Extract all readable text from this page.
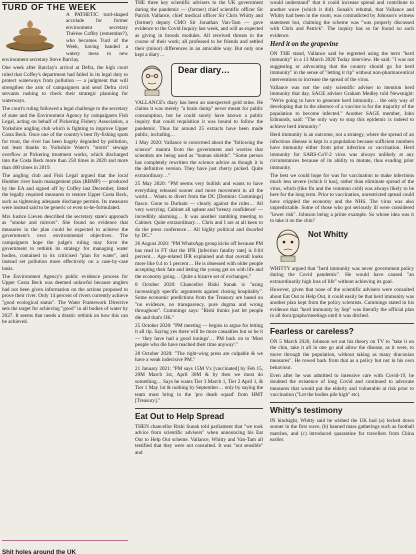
TURD OF THE WEEK

A PATHETIC turd-shaped accolade for former environment secretary Thérèse Coffey (remember?), who becomes Turd of the Week, having handed a watery mess to new environment secretary Steve Barclay.

One week after Barclay's arrival at Defra, the high court ruled that Coffey's department had failed in its legal duty to protect waterways from pollution — a judgment that will strengthen the arm of campaigners and send Defra civil servants rushing to check their strategic planning for waterways.

The court's ruling followed a legal challenge to the secretary of state and the Environment Agency by campaigners Fish Legal, acting on behalf of Pickering Fishery Association, a Yorkshire angling club which is fighting to improve Upper Costa Beck. Once one of the country's best fly-fishing spots for trout, the river has been hugely degraded by pollution, not least thanks to Yorkshire Water's "storm" sewage overflow at Pickering treatment works, which discharged into the Costa Beck more than 250 times in 2020 and more than 400 times in 2019.

The angling club and Fish Legal argued that the local Humber river basin management plan (RBMP) — produced by the EA and signed off by Coffey last December, listed the legally required measures to restore Upper Costa Beck, such as tightening adequate discharge permits. Its measures were instead said to be generic or even to-be-formulated.

Mrs Justice Lieven described the secretary state's approach as "smoke and mirrors". She found no evidence that measures in the plan could be expected to achieve the government's own environmental objectives. The campaigners hope the judge's ruling may force the government to rethink its strategy for managing water bodies, contained in its criticised "plan for water", and instead set pollution more effectively on a case-by-case basis.

The Environment Agency's public evidence process for Upper Costa Beck was deemed unlawful because anglers had not been given information on the actions proposed to prove their river. Only 14 percent of rivers currently achieve "good ecological status". The Water Framework Directive sets the target for achieving "good" in all bodies of water by 2027. It seems that needs a drastic rethink on how this can be achieved.

Shit holes around the UK

THE three key scientific advisers to the UK government during the pandemic — (former) chief scientific officer Sir Patrick Vallance, chief medical officer Sir Chris Whitty and (former) deputy CMO Sir Jonathan Van-Tam — gave evidence to the Covid Inquiry last week, and will as expected as giving in broods modules. All received threats in the course of their work; all professed to be friends and settled their (minor) differences in an amicable way. But only one kept a diary…

Dear diary…

VALLANCE's diary has been an unexpected gold mine. He claims it was merely "a brain dump" never meant for public consumption, but he could surely have known a public inquiry that could requisition it was bound to follow the pandemic. Thus far around 25 extracts have been made public, including…

1 May 2020: Vallance is concerned about the "following the science" mantra from the government and worries that scientists are being used as "human shields". "Some person has completely rewritten the science advice as though it is the definitive version. They have just cherry picked. Quite extraordinary…"

25 May 2020: "PM seems very bullish and wants to have everything released sooner and more movement in all the world… Wants to divert from the DC [Dominic Cummings] fiasco. Gone to Durham — clearly against the rules… All very worrying. Cabinet all upbeat and 'breezy confidence' — incredibly alarming… It was another rambling meeting to Cabinet. Quite extraordinary… Chris and I are at all keen to do the press conference… All highly political and dwarfed by DC."

26 August 2020: "PM WhatsApp group kicks off because PM has read in FT that the IFR [infection fatality rate] is 0.04 percent… Age-related IFR explained and that overall looks more like 0.4 to 1 percent… He is obsessed with older people accepting their fate and letting the young get on with life and the economy going… Quite a bizarre set of exchanges."

8 October 2020: Chancellor Rishi Sunak is "using increasingly specific arguments against closing hospitality". Some economic predictions from the Treasury are based on "no evidence, no transparency, pure dogma and wrong throughout". Cummings says: "Rishi thinks just let people die and that's OK."

25 October 2020: "PM meeting — begins to argue for letting it all rip. Saying yes there will be more casualties but so be it — 'they have had a good innings'… PM back on to 'Most people who die have reached their time anyway'."

28 October 2020: "The right-wing press are culpable & we have a weak indecisive PM."

21 January 2021: "PM says 15M Vx [vaccinated] by Feb 15, 20M March 1st, April 30M & by then we must do something… Says he wants Tier 3 March 1, Tier 2 April 1, & Tier 1 May 1st & nothing by September… only by saying the team must bring in the 'pro death squad' from HMT [Treasury]."

Eat Out to Help Spread

THEN chancellor Rishi Sunak told parliament that "we took advice from scientific advisers" when announcing his Eat Out to Help Out scheme. Vallance, Whitty and Van-Tam all testified that they were not consulted. It was "not sensible" and

would understand" that it could increase spread and contribute to another wave (which it did). Sunak's rebuttal, that Vallance and Whitty had been in the room, was contradicted by Johnson's witness statement but, claiming the scheme was "was properly discussed with Chris and Patrick". The inquiry has so far found no such evidence.

Herd it on the grapevine

ON THE stand, Vallance said he regretted using the term "herd immunity" in a 13 March 2020 Today interview. He said: "I was not suggesting or advocating that the country should go for herd immunity" in the sense of "letting it rip" without non-pharmaceutical interventions to increase the spread of the virus.

Vallance was not the only scientific adviser to mention herd immunity that day. SAGE adviser Graham Medley told Newsnight: "We're going to have to generate herd immunity… the only way of developing that in the absence of a vaccine is for the majority of the population to become infected." Another SAGE member, John Edmunds, said: "The only way to stop this epidemic is indeed to achieve herd immunity."

Herd immunity is an outcome, not a strategy, where the spread of an infectious disease is kept in a population because sufficient numbers have immunity either from prior infection or vaccination. Herd immunity for SARS-CoV-2 virus was always unlikely at any circumstances because of its ability to mutate, thus evading prior immunity.

The best we could hope for was for vaccination to make infections much less severe (which it has), rather than eliminate spread of the virus, which (like flu and the common cold) was always likely to be here for the long term. Prior to vaccination, unrestricted spread could have crippled the economy and the NHS. The virus was also unpredictable. Some of those who got seriously ill were considered "lower risk". Johnson being a prime example. So whose idea was it to take it on the chin?

Not Whitty

WHITTY argued that "herd immunity was never government policy during the Covid pandemic". He would have caused "an extraordinarily high loss of life" without achieving its goal.

However, given that none of the scientific advisers were consulted about Eat Out to Help Out, it could easily be that herd immunity was another plan kept from the policy scientists. Cummings stated in his evidence that "herd immunity by Sep" was literally the official plan in all docs/graphs/meetings until it was ditched.

Fearless or careless?

ON 5 March 2020, Johnson set out his theory on TV to "take it on the chin, take it all in one go and allow the disease, as it were, to move through the population, without taking as many draconian measures". He rowed back from that as a policy but not in his own behaviour.

Even after he was admitted to intensive care with Covid-19, he doubted the existence of long Covid and continued to advocate measures that would put the elderly and vulnerable at risk prior to vaccination ("Let the bodies pile high" etc).

Whitty's testimony

IN hindsight, Whitty said he wished the UK had (a) locked down sooner in the first wave, (b) banned mass gatherings such as football matches, and (c) introduced quarantine for travellers from China earlier.
